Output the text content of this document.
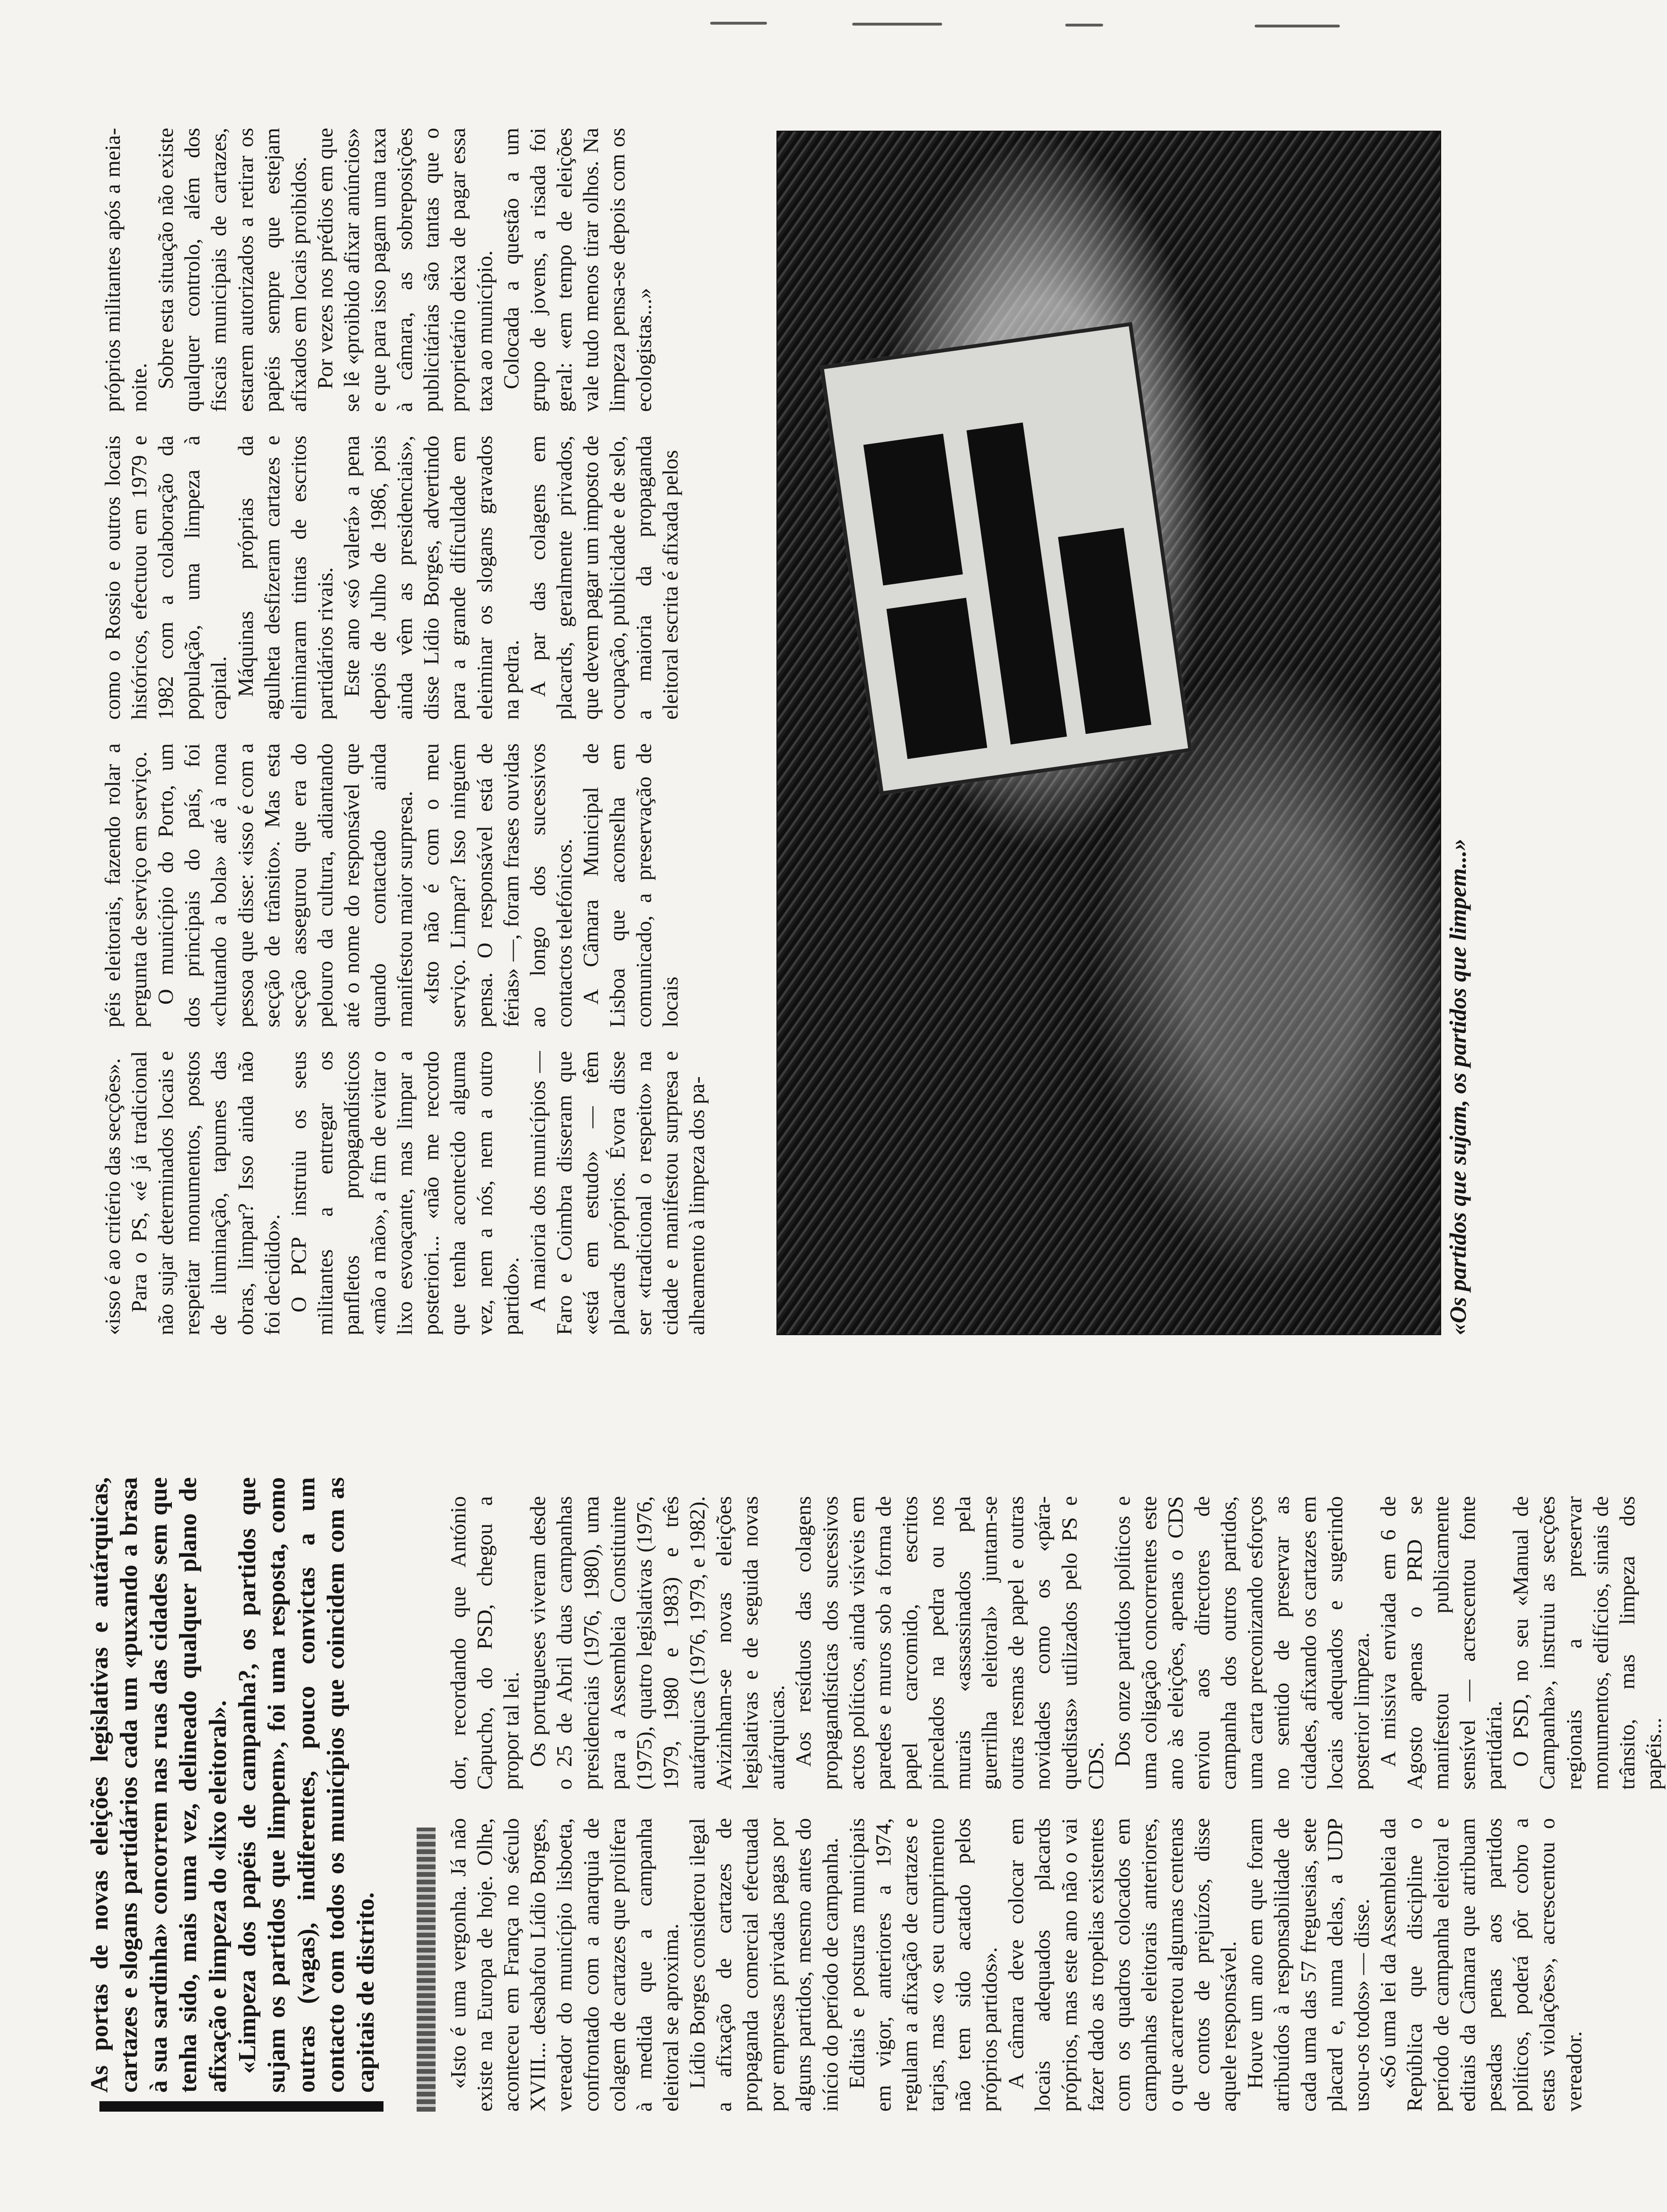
As portas de novas eleições legislativas e autárquicas, cartazes e slogans partidários cada um «puxando a brasa à sua sardinha» concorrem nas ruas das cidades sem que tenha sido, mais uma vez, delineado qualquer plano de afixação e limpeza do «lixo eleitoral». «Limpeza dos papéis de campanha?, os partidos que sujam os partidos que limpem», foi uma resposta, como outras (vagas), indiferentes, pouco convictas a um contacto com todos os municípios que coincidem com as capitais de distrito.	«Isto é uma vergonha. Já não existe na Europa de hoje. Olhe, aconteceu em França no século XVIII... desabafou Lídio Borges, vereador do município lisboeta, confrontado com a anarquia de colagem de cartazes que prolifera à medida que a campanha eleitoral se aproxima. Lídio Borges considerou ilegal a afixação de cartazes de propaganda comercial efectuada por empresas privadas pagas por alguns partidos, mesmo antes do início do período de campanha. Editais e posturas municipais em vigor, anteriores a 1974, regulam a afixação de cartazes e tarjas, mas «o seu cumprimento não tem sido acatado pelos próprios partidos». A câmara deve colocar em locais adequados placards próprios, mas este ano não o vai fazer dado as tropelias existentes com os quadros colocados em campanhas eleitorais anteriores, o que acarretou algumas centenas de contos de prejuízos, disse aquele responsável. Houve um ano em que foram atribuídos à responsabilidade de cada uma das 57 freguesias, sete placard e, numa delas, a UDP usou-os todos» — disse. «Só uma lei da Assembleia da República que discipline o período de campanha eleitoral e editais da Câmara que atribuam pesadas penas aos partidos políticos, poderá pôr cobro a estas violações», acrescentou o vereador.

dor, recordando que António Capucho, do PSD, chegou a propor tal lei. Os portugueses viveram desde o 25 de Abril duas campanhas presidenciais (1976, 1980), uma para a Assembleia Constituinte (1975), quatro legislativas (1976, 1979, 1980 e 1983) e três autárquicas (1976, 1979, e 1982). Avizinham-se novas eleições legislativas e de seguida novas autárquicas. Aos resíduos das colagens propagandísticas dos sucessivos actos políticos, ainda visíveis em paredes e muros sob a forma de papel carcomido, escritos pincelados na pedra ou nos murais «assassinados pela guerrilha eleitoral» juntam-se outras resmas de papel e outras novidades como os «pára-quedistas» utilizados pelo PS e CDS. Dos onze partidos políticos e uma coligação concorrentes este ano às eleições, apenas o CDS enviou aos directores de campanha dos outros partidos, uma carta preconizando esforços no sentido de preservar as cidades, afixando os cartazes em locais adequados e sugerindo posterior limpeza. A missiva enviada em 6 de Agosto apenas o PRD se manifestou publicamente sensível — acrescentou fonte partidária. O PSD, no seu «Manual de Campanha», instruiu as secções regionais a preservar monumentos, edifícios, sinais de trânsito, mas limpeza dos papéis...

«isso é ao critério das secções». Para o PS, «é já tradicional não sujar determinados locais e respeitar monumentos, postos de iluminação, tapumes das obras, limpar? Isso ainda não foi decidido». O PCP instruiu os seus militantes a entregar os panfletos propagandísticos «mão a mão», a fim de evitar o lixo esvoaçante, mas limpar a posteriori... «não me recordo que tenha acontecido alguma vez, nem a nós, nem a outro partido». A maioria dos municípios — Faro e Coimbra disseram que «está em estudo» — têm placards próprios. Évora disse ser «tradicional o respeito» na cidade e manifestou surpresa e alheamento à limpeza dos pa-

péis eleitorais, fazendo rolar a pergunta de serviço em serviço. O município do Porto, um dos principais do país, foi «chutando a bola» até à nona pessoa que disse: «isso é com a secção de trânsito». Mas esta secção assegurou que era do pelouro da cultura, adiantando até o nome do responsável que quando contactado ainda manifestou maior surpresa. «Isto não é com o meu serviço. Limpar? Isso ninguém pensa. O responsável está de férias» —, foram frases ouvidas ao longo dos sucessivos contactos telefónicos. A Câmara Municipal de Lisboa que aconselha em comunicado, a preservação de locais

como o Rossio e outros locais históricos, efectuou em 1979 e 1982 com a colaboração da população, uma limpeza à capital. Máquinas próprias da agulheta desfizeram cartazes e eliminaram tintas de escritos partidários rivais. Este ano «só valerá» a pena depois de Julho de 1986, pois ainda vêm as presidenciais», disse Lídio Borges, advertindo para a grande dificuldade em eleiminar os slogans gravados na pedra. A par das colagens em placards, geralmente privados, que devem pagar um imposto de ocupação, publicidade e de selo, a maioria da propaganda eleitoral escrita é afixada pelos

próprios militantes após a meia-noite. Sobre esta situação não existe qualquer controlo, além dos fiscais municipais de cartazes, estarem autorizados a retirar os papéis sempre que estejam afixados em locais proibidos. Por vezes nos prédios em que se lê «proibido afixar anúncios» e que para isso pagam uma taxa à câmara, as sobreposições publicitárias são tantas que o proprietário deixa de pagar essa taxa ao município. Colocada a questão a um grupo de jovens, a risada foi geral: «em tempo de eleições vale tudo menos tirar olhos. Na limpeza pensa-se depois com os ecologistas...»

«Os partidos que sujam, os partidos que limpem...»
